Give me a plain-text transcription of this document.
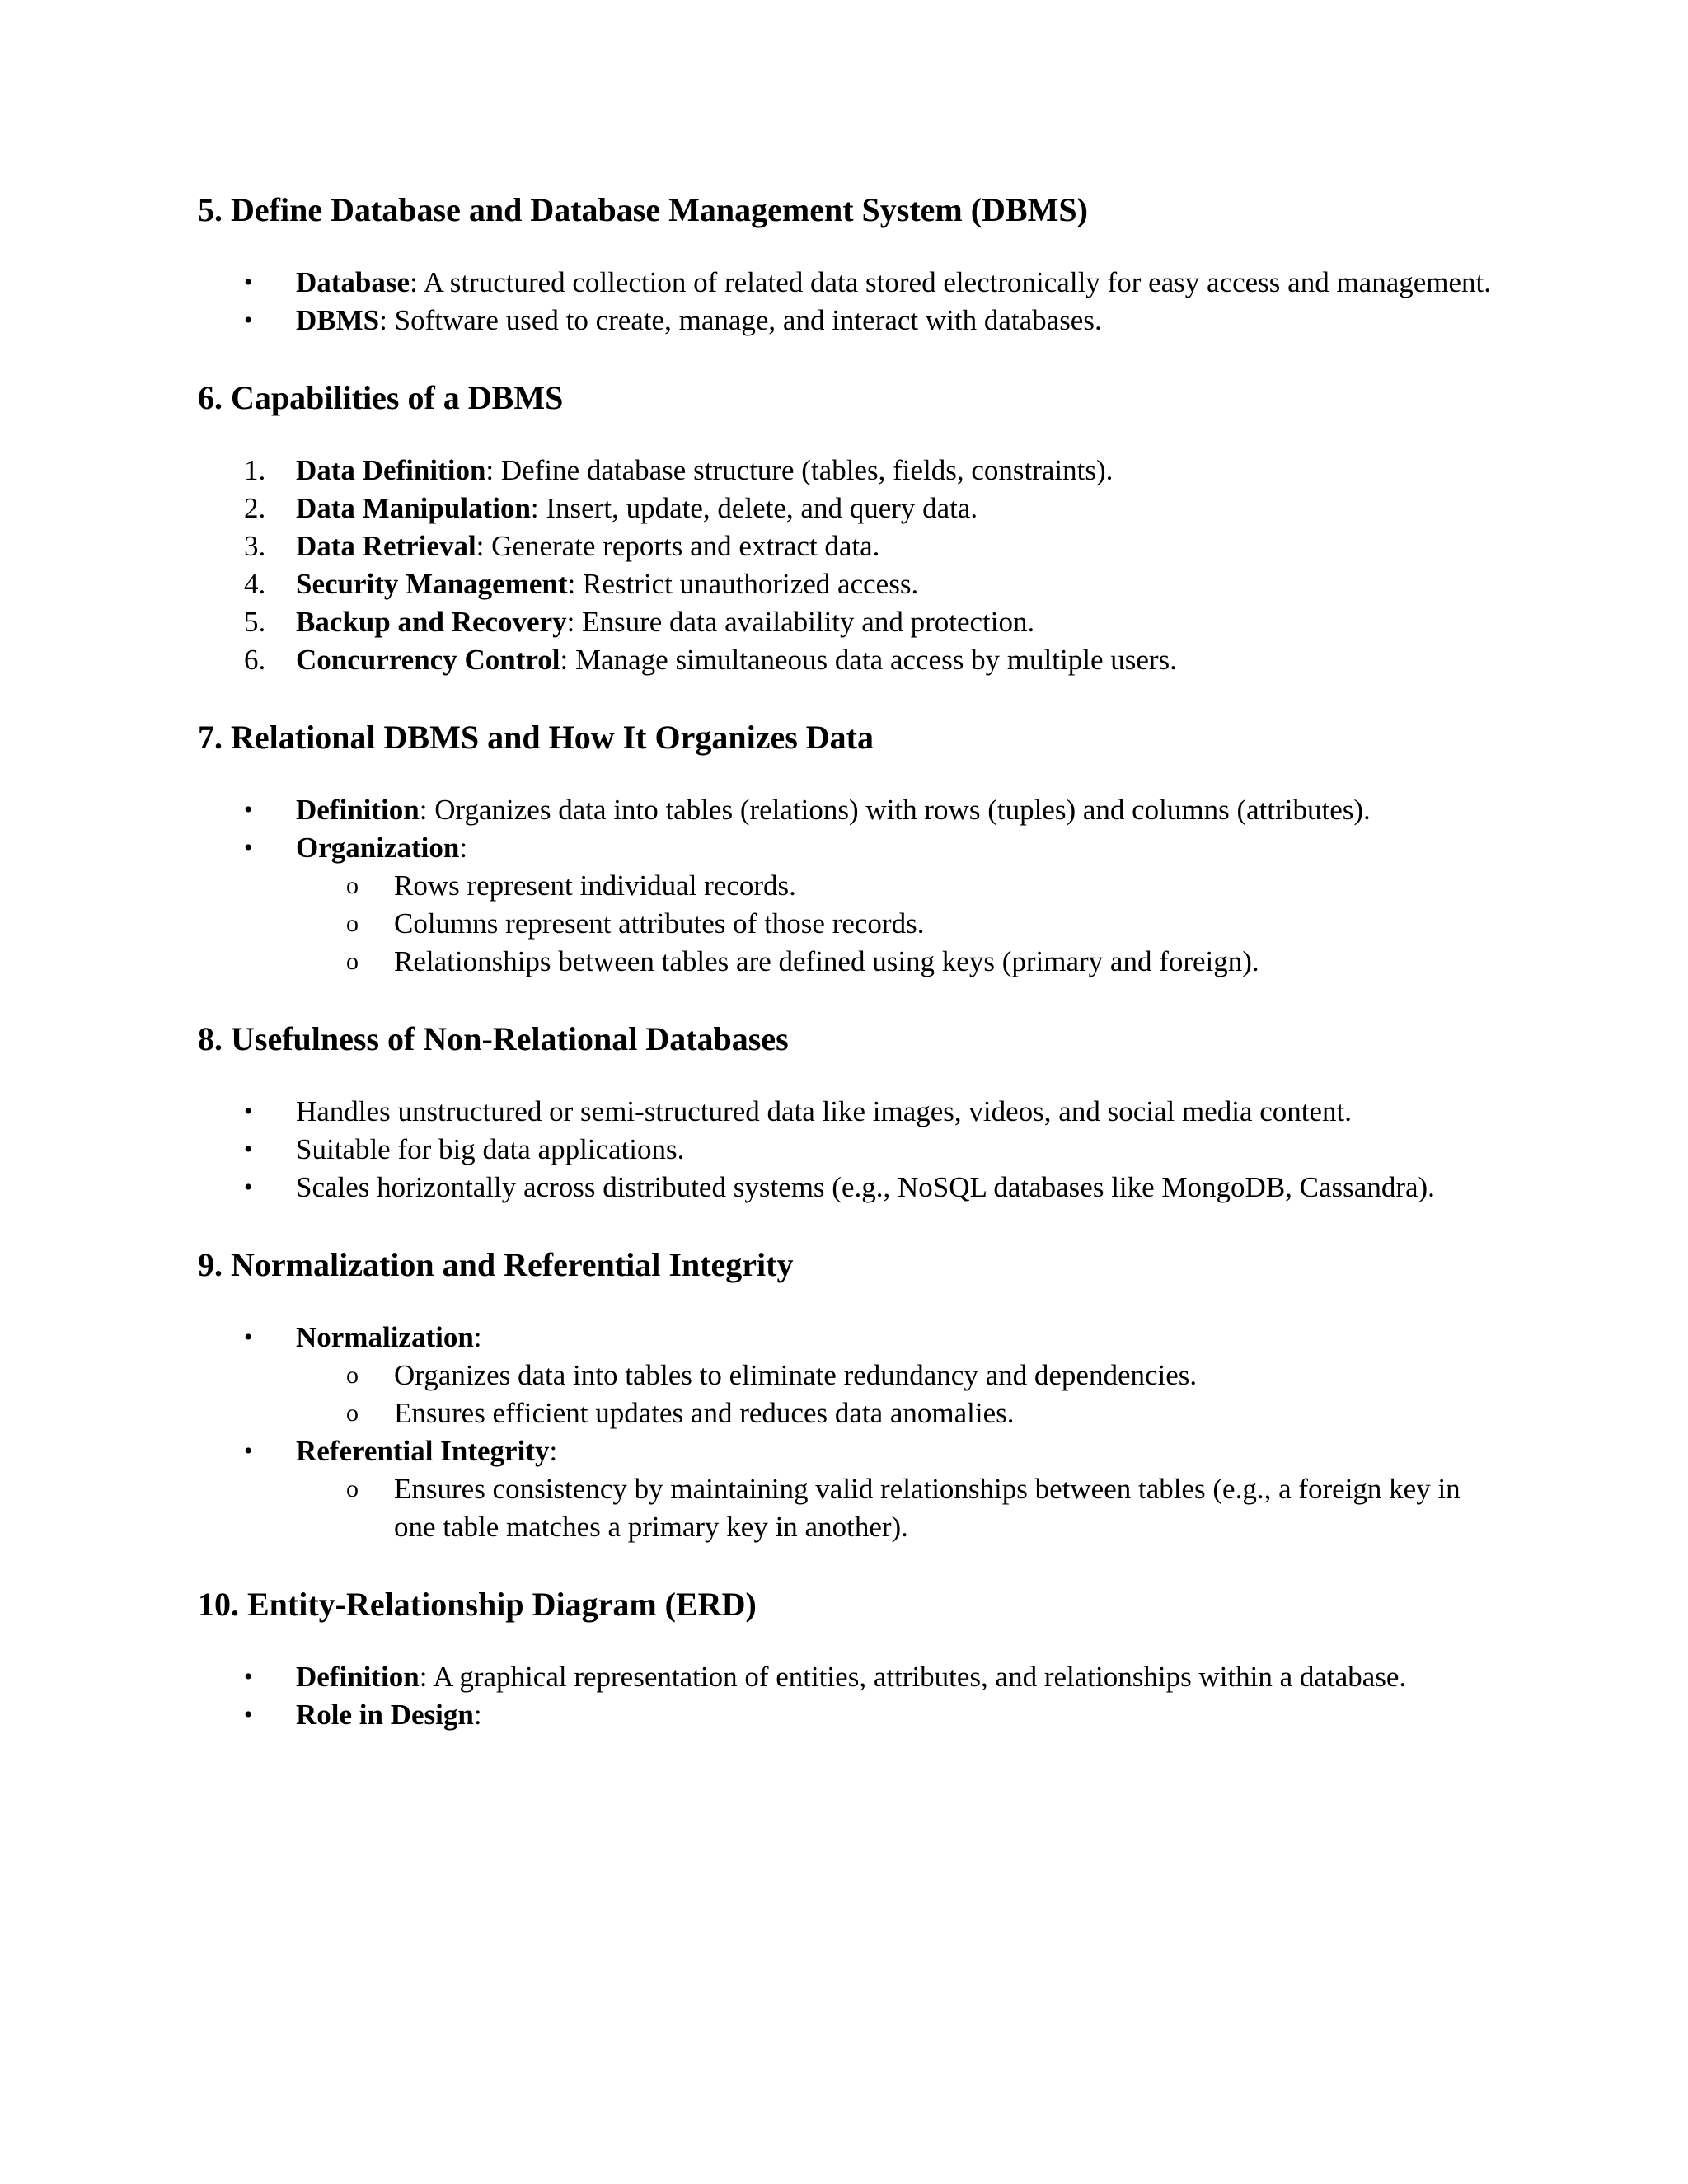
5. Define Database and Database Management System (DBMS)
•	Database: A structured collection of related data stored electronically for easy access and management.
•	DBMS: Software used to create, manage, and interact with databases.
6. Capabilities of a DBMS
1.	Data Definition: Define database structure (tables, fields, constraints).
2.	Data Manipulation: Insert, update, delete, and query data.
3.	Data Retrieval: Generate reports and extract data.
4.	Security Management: Restrict unauthorized access.
5.	Backup and Recovery: Ensure data availability and protection.
6.	Concurrency Control: Manage simultaneous data access by multiple users.
7. Relational DBMS and How It Organizes Data
•	Definition: Organizes data into tables (relations) with rows (tuples) and columns (attributes).
•	Organization:
o	Rows represent individual records.
o	Columns represent attributes of those records.
o	Relationships between tables are defined using keys (primary and foreign).
8. Usefulness of Non-Relational Databases
•	Handles unstructured or semi-structured data like images, videos, and social media content.
•	Suitable for big data applications.
•	Scales horizontally across distributed systems (e.g., NoSQL databases like MongoDB, Cassandra).
9. Normalization and Referential Integrity
•	Normalization:
o	Organizes data into tables to eliminate redundancy and dependencies.
o	Ensures efficient updates and reduces data anomalies.
•	Referential Integrity:
o	Ensures consistency by maintaining valid relationships between tables (e.g., a foreign key in one table matches a primary key in another).
10. Entity-Relationship Diagram (ERD)
•	Definition: A graphical representation of entities, attributes, and relationships within a database.
•	Role in Design:
